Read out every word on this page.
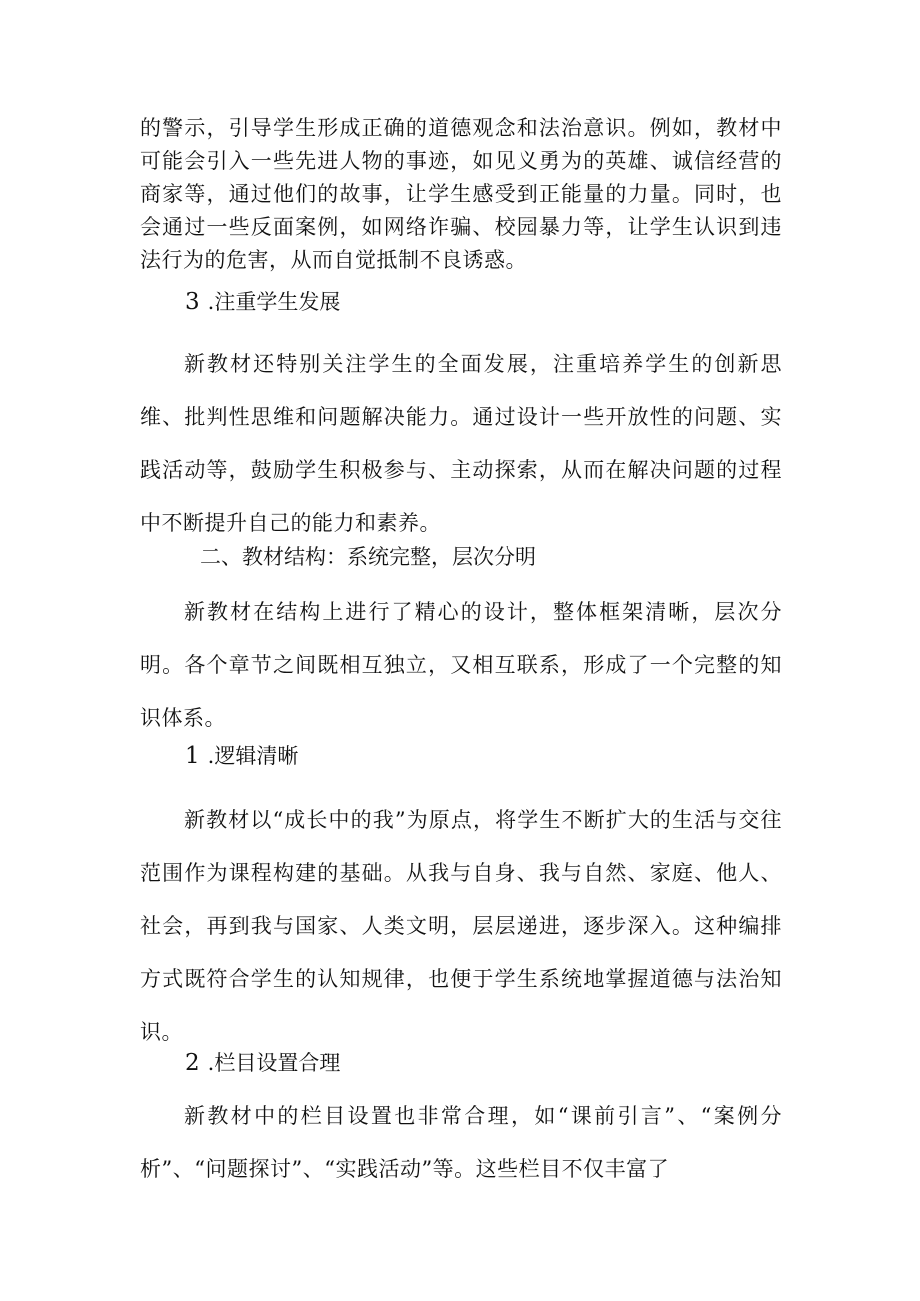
的警示，引导学生形成正确的道德观念和法治意识。例如，教材中可能会引入一些先进人物的事迹，如见义勇为的英雄、诚信经营的商家等，通过他们的故事，让学生感受到正能量的力量。同时，也会通过一些反面案例，如网络诈骗、校园暴力等，让学生认识到违法行为的危害，从而自觉抵制不良诱惑。

3 .注重学生发展

新教材还特别关注学生的全面发展，注重培养学生的创新思维、批判性思维和问题解决能力。通过设计一些开放性的问题、实践活动等，鼓励学生积极参与、主动探索，从而在解决问题的过程中不断提升自己的能力和素养。

二、教材结构：系统完整，层次分明

新教材在结构上进行了精心的设计，整体框架清晰，层次分明。各个章节之间既相互独立，又相互联系，形成了一个完整的知识体系。

1 .逻辑清晰

新教材以“成长中的我”为原点，将学生不断扩大的生活与交往范围作为课程构建的基础。从我与自身、我与自然、家庭、他人、社会，再到我与国家、人类文明，层层递进，逐步深入。这种编排方式既符合学生的认知规律，也便于学生系统地掌握道德与法治知识。

2 .栏目设置合理

新教材中的栏目设置也非常合理，如“课前引言”、“案例分析”、“问题探讨”、“实践活动”等。这些栏目不仅丰富了
